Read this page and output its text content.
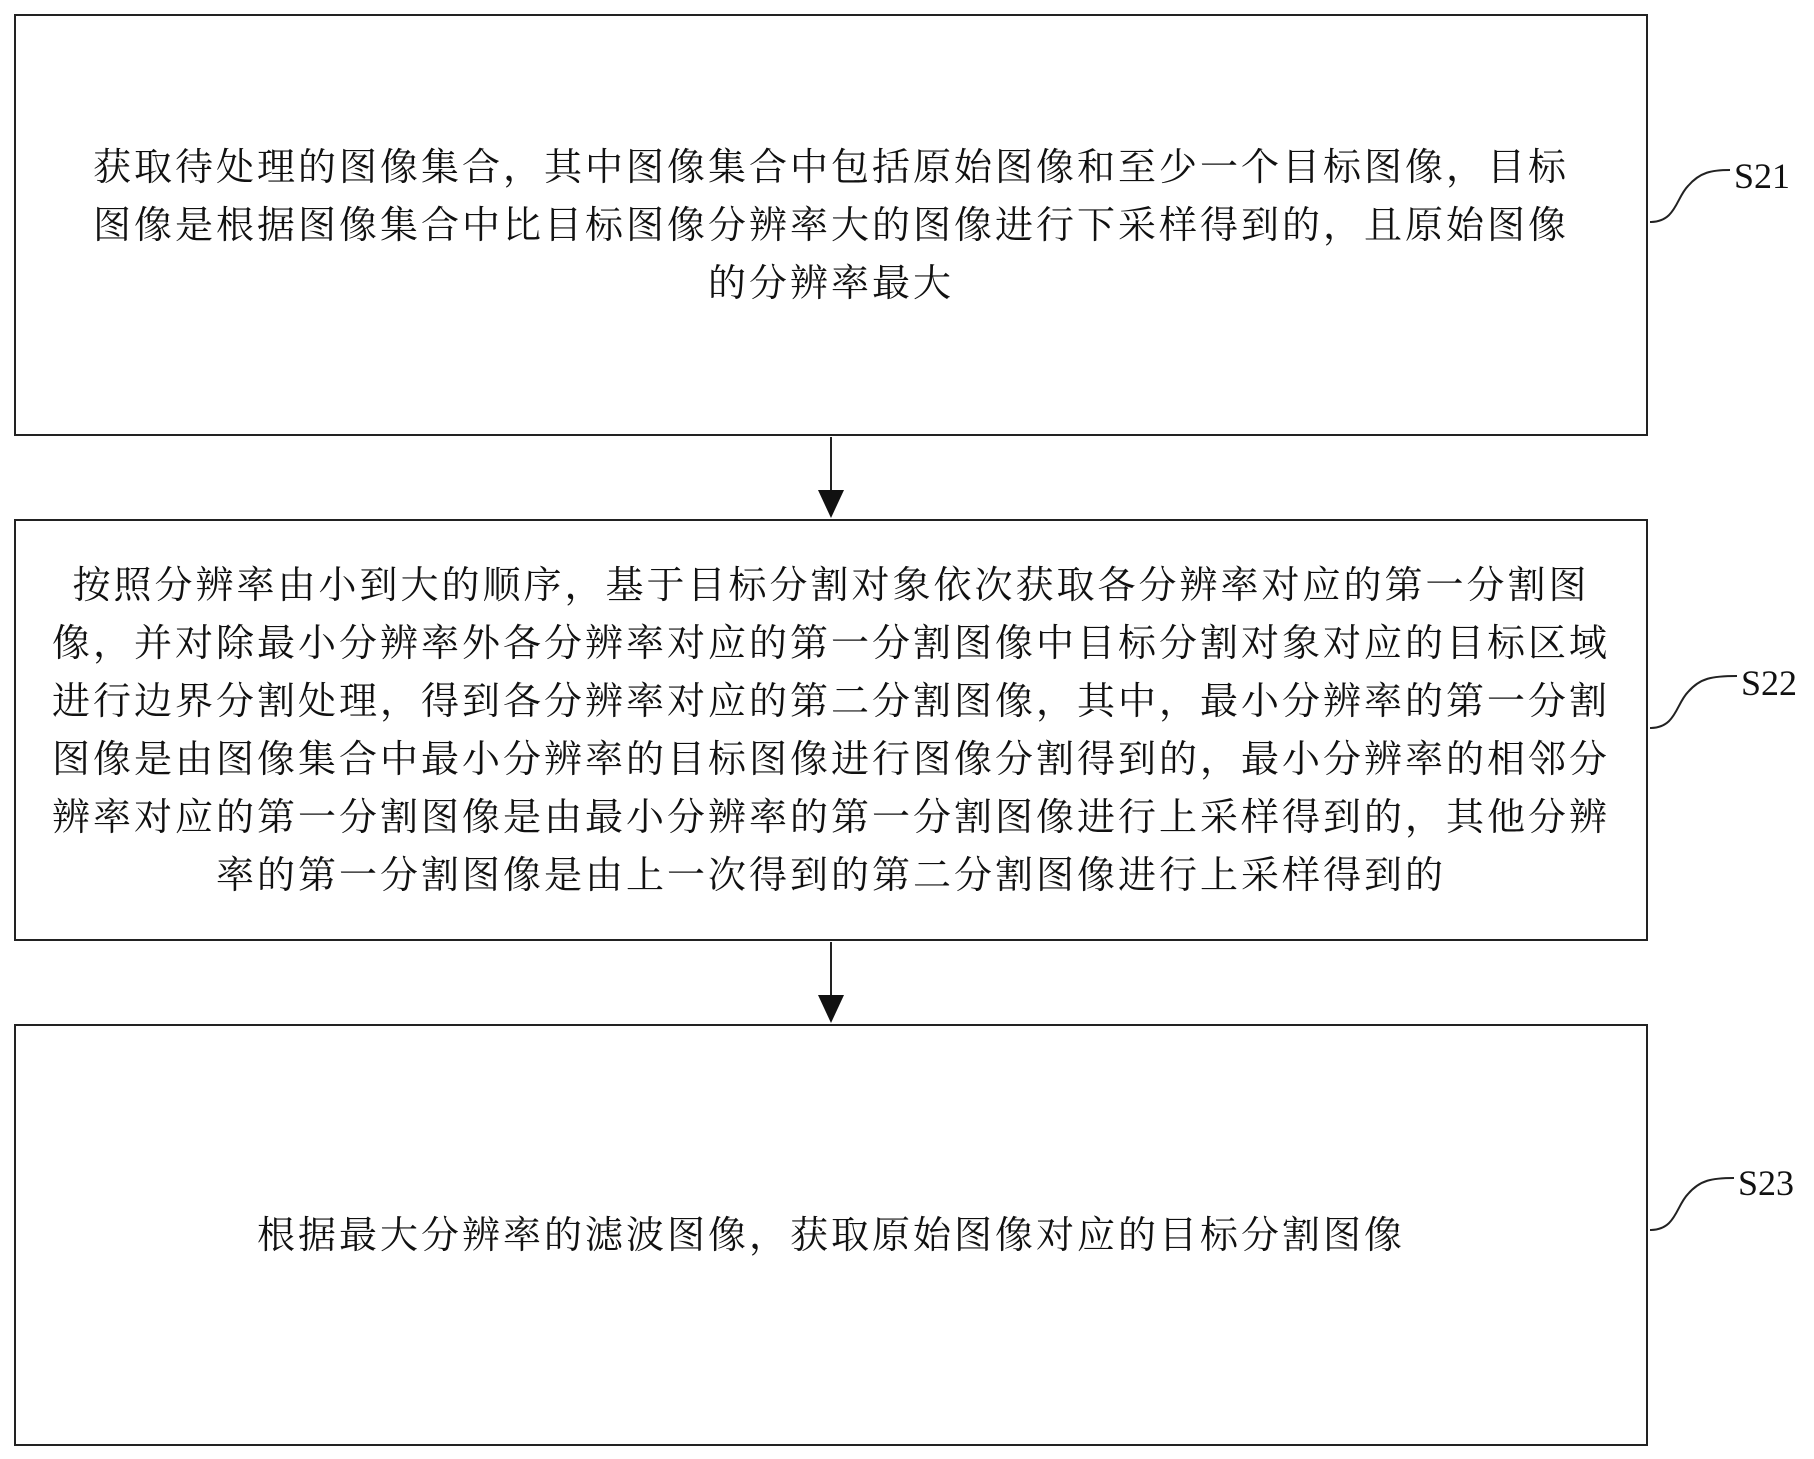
获取待处理的图像集合，其中图像集合中包括原始图像和至少一个目标图像，目标图像是根据图像集合中比目标图像分辨率大的图像进行下采样得到的，且原始图像的分辨率最大
按照分辨率由小到大的顺序，基于目标分割对象依次获取各分辨率对应的第一分割图像，并对除最小分辨率外各分辨率对应的第一分割图像中目标分割对象对应的目标区域进行边界分割处理，得到各分辨率对应的第二分割图像，其中，最小分辨率的第一分割图像是由图像集合中最小分辨率的目标图像进行图像分割得到的，最小分辨率的相邻分辨率对应的第一分割图像是由最小分辨率的第一分割图像进行上采样得到的，其他分辨率的第一分割图像是由上一次得到的第二分割图像进行上采样得到的
根据最大分辨率的滤波图像，获取原始图像对应的目标分割图像
S21
S22
S23
